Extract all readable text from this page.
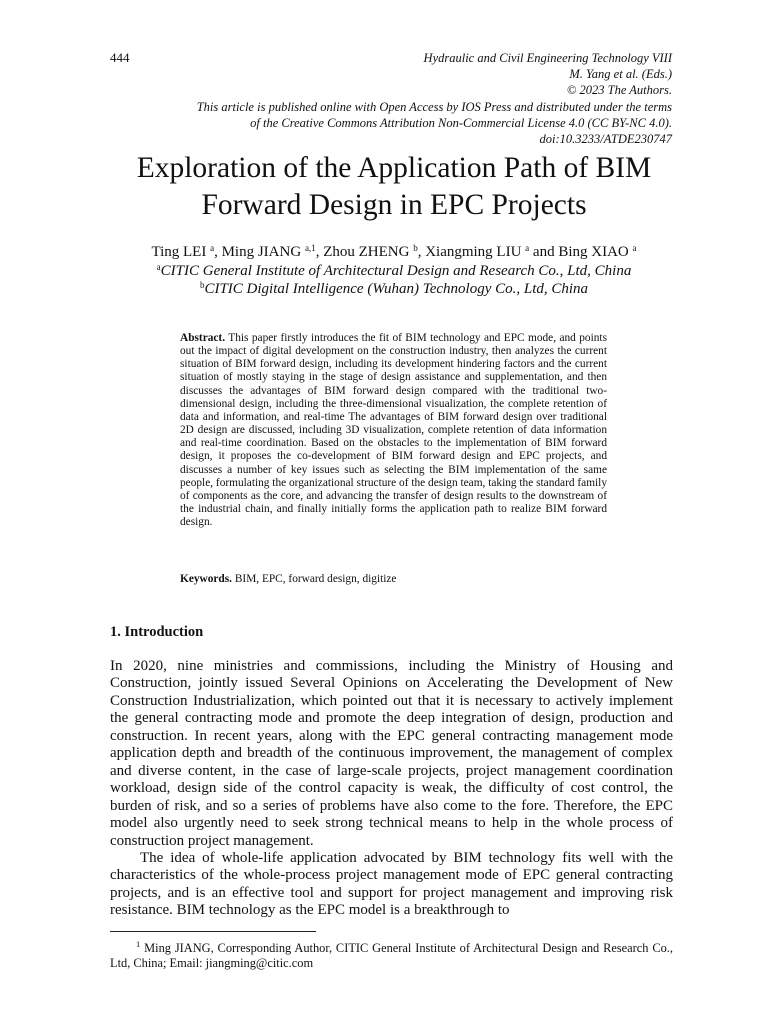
444	Hydraulic and Civil Engineering Technology VIII
M. Yang et al. (Eds.)
© 2023 The Authors.
This article is published online with Open Access by IOS Press and distributed under the terms
of the Creative Commons Attribution Non-Commercial License 4.0 (CC BY-NC 4.0).
doi:10.3233/ATDE230747
Exploration of the Application Path of BIM
Forward Design in EPC Projects
Ting LEI $^a$, Ming JIANG $^{a,1}$, Zhou ZHENG $^b$, Xiangming LIU $^a$ and Bing XIAO $^a$
$^a$CITIC General Institute of Architectural Design and Research Co., Ltd, China
$^b$CITIC Digital Intelligence (Wuhan) Technology Co., Ltd, China

Abstract. This paper firstly introduces the fit of BIM technology and EPC mode, and points out the impact of digital development on the construction industry, then analyzes the current situation of BIM forward design, including its development hindering factors and the current situation of mostly staying in the stage of design assistance and supplementation, and then discusses the advantages of BIM forward design compared with the traditional two-dimensional design, including the three-dimensional visualization, the complete retention of data and information, and real-time The advantages of BIM forward design over traditional 2D design are discussed, including 3D visualization, complete retention of data information and real-time coordination. Based on the obstacles to the implementation of BIM forward design, it proposes the co-development of BIM forward design and EPC projects, and discusses a number of key issues such as selecting the BIM implementation of the same people, formulating the organizational structure of the design team, taking the standard family of components as the core, and advancing the transfer of design results to the downstream of the industrial chain, and finally initially forms the application path to realize BIM forward design.

Keywords. BIM, EPC, forward design, digitize

1. Introduction

In 2020, nine ministries and commissions, including the Ministry of Housing and Construction, jointly issued Several Opinions on Accelerating the Development of New Construction Industrialization, which pointed out that it is necessary to actively implement the general contracting mode and promote the deep integration of design, production and construction. In recent years, along with the EPC general contracting management mode application depth and breadth of the continuous improvement, the management of complex and diverse content, in the case of large-scale projects, project management coordination workload, design side of the control capacity is weak, the difficulty of cost control, the burden of risk, and so a series of problems have also come to the fore. Therefore, the EPC model also urgently need to seek strong technical means to help in the whole process of construction project management.

The idea of whole-life application advocated by BIM technology fits well with the characteristics of the whole-process project management mode of EPC general contracting projects, and is an effective tool and support for project management and improving risk resistance. BIM technology as the EPC model is a breakthrough to

$^1$ Ming JIANG, Corresponding Author, CITIC General Institute of Architectural Design and Research Co., Ltd, China; Email: jiangming@citic.com
